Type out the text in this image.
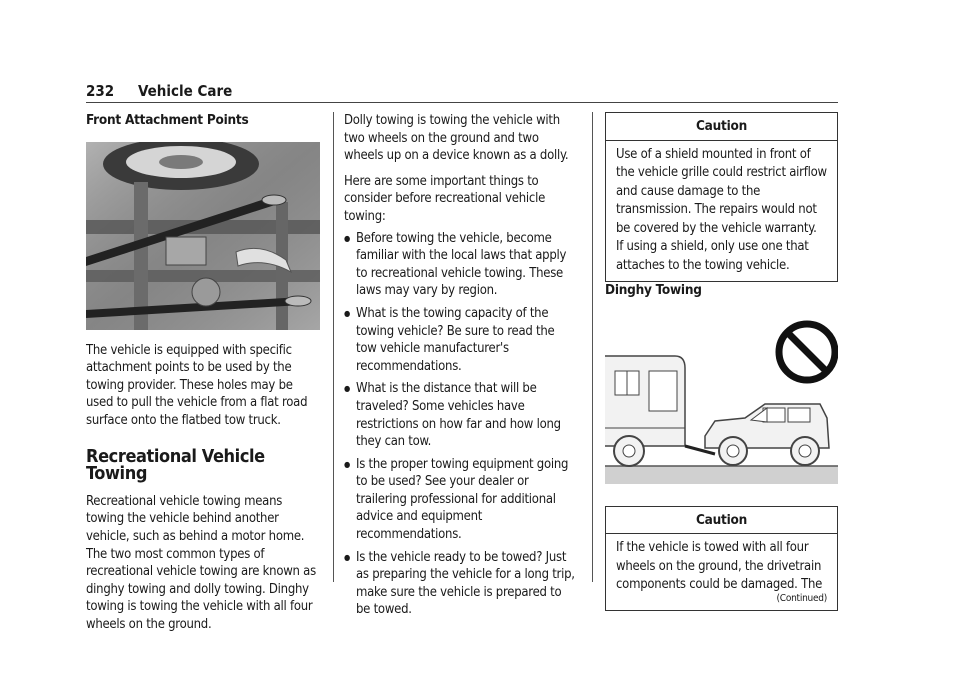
232 Vehicle Care
Front Attachment Points

The vehicle is equipped with specific attachment points to be used by the towing provider. These holes may be used to pull the vehicle from a flat road surface onto the flatbed tow truck.

Recreational Vehicle Towing

Recreational vehicle towing means towing the vehicle behind another vehicle, such as behind a motor home. The two most common types of recreational vehicle towing are known as dinghy towing and dolly towing. Dinghy towing is towing the vehicle with all four wheels on the ground.

Dolly towing is towing the vehicle with two wheels on the ground and two wheels up on a device known as a dolly.

Here are some important things to consider before recreational vehicle towing:

● Before towing the vehicle, become familiar with the local laws that apply to recreational vehicle towing. These laws may vary by region.
● What is the towing capacity of the towing vehicle? Be sure to read the tow vehicle manufacturer's recommendations.
● What is the distance that will be traveled? Some vehicles have restrictions on how far and how long they can tow.
● Is the proper towing equipment going to be used? See your dealer or trailering professional for additional advice and equipment recommendations.
● Is the vehicle ready to be towed? Just as preparing the vehicle for a long trip, make sure the vehicle is prepared to be towed.
Caution
Use of a shield mounted in front of the vehicle grille could restrict airflow and cause damage to the transmission. The repairs would not be covered by the vehicle warranty. If using a shield, only use one that attaches to the towing vehicle.
Dinghy Towing
Caution
If the vehicle is towed with all four wheels on the ground, the drivetrain components could be damaged. The
(Continued)
